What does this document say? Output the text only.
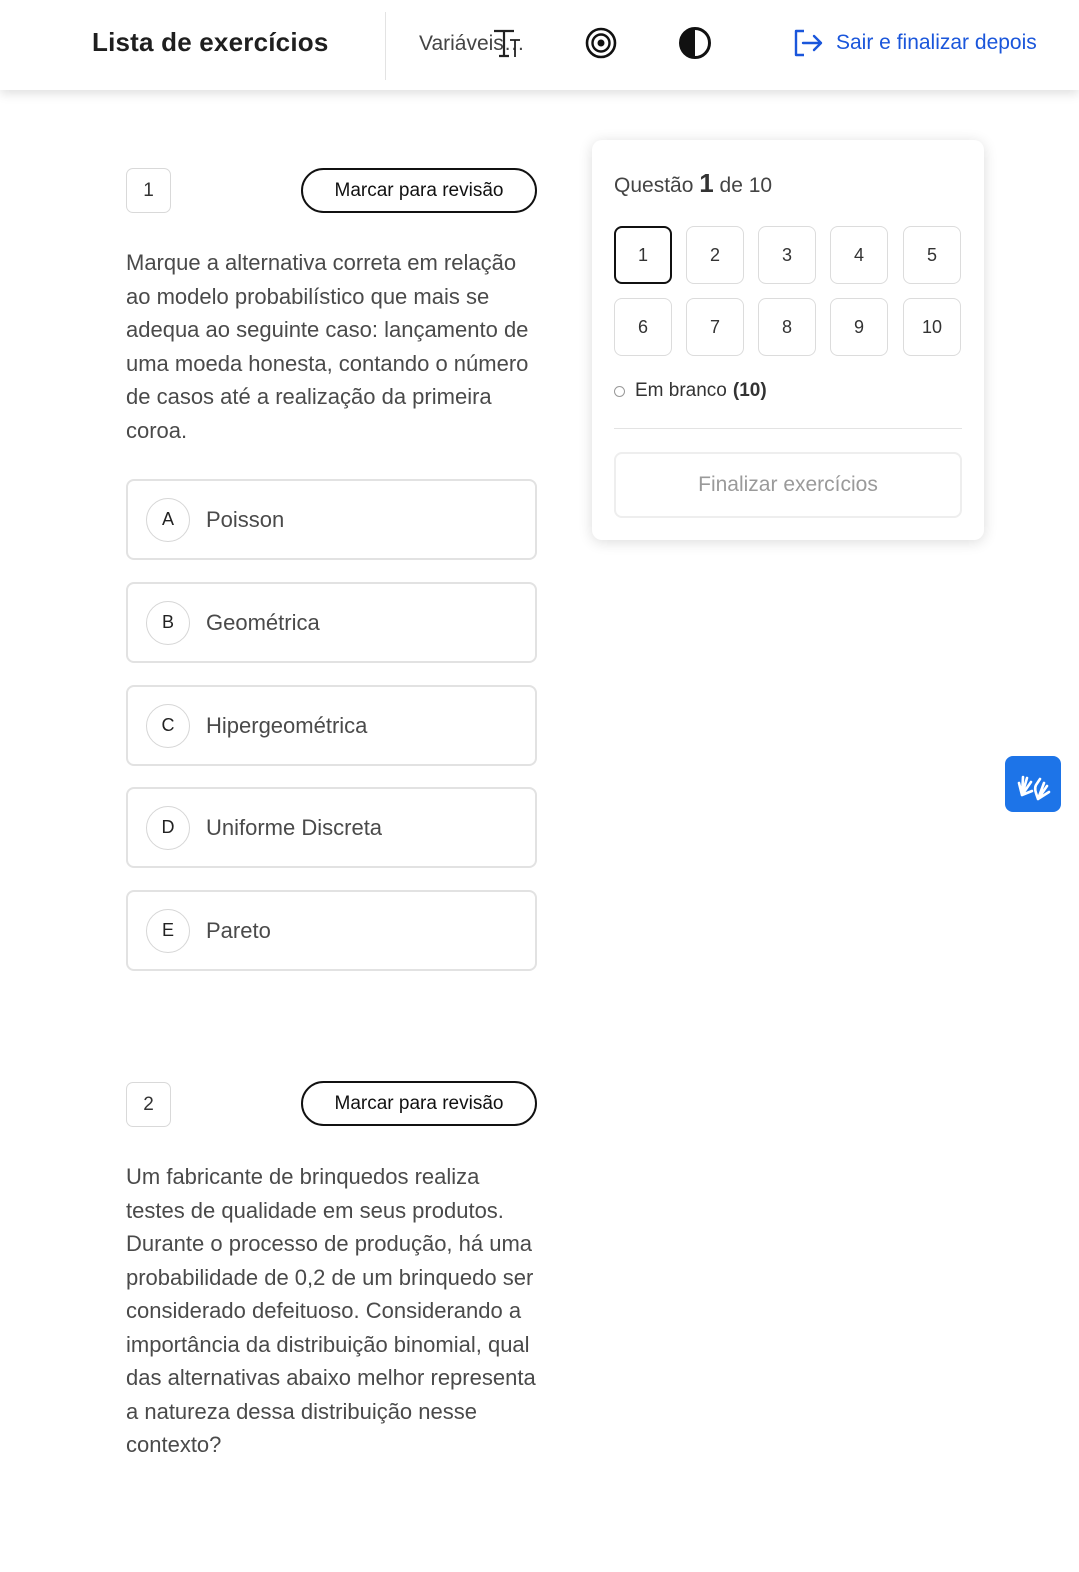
Lista de exercícios	Variáveis…	Sair e finalizar depois
1	Marcar para revisão
Marque a alternativa correta em relação ao modelo probabilístico que mais se adequa ao seguinte caso: lançamento de uma moeda honesta, contando o número de casos até a realização da primeira coroa.
A	Poisson
B	Geométrica
C	Hipergeométrica
D	Uniforme Discreta
E	Pareto
2	Marcar para revisão
Um fabricante de brinquedos realiza testes de qualidade em seus produtos. Durante o processo de produção, há uma probabilidade de 0,2 de um brinquedo ser considerado defeituoso. Considerando a importância da distribuição binomial, qual das alternativas abaixo melhor representa a natureza dessa distribuição nesse contexto?
Questão 1 de 10
1	2	3	4	5
6	7	8	9	10
Em branco (10)
Finalizar exercícios
